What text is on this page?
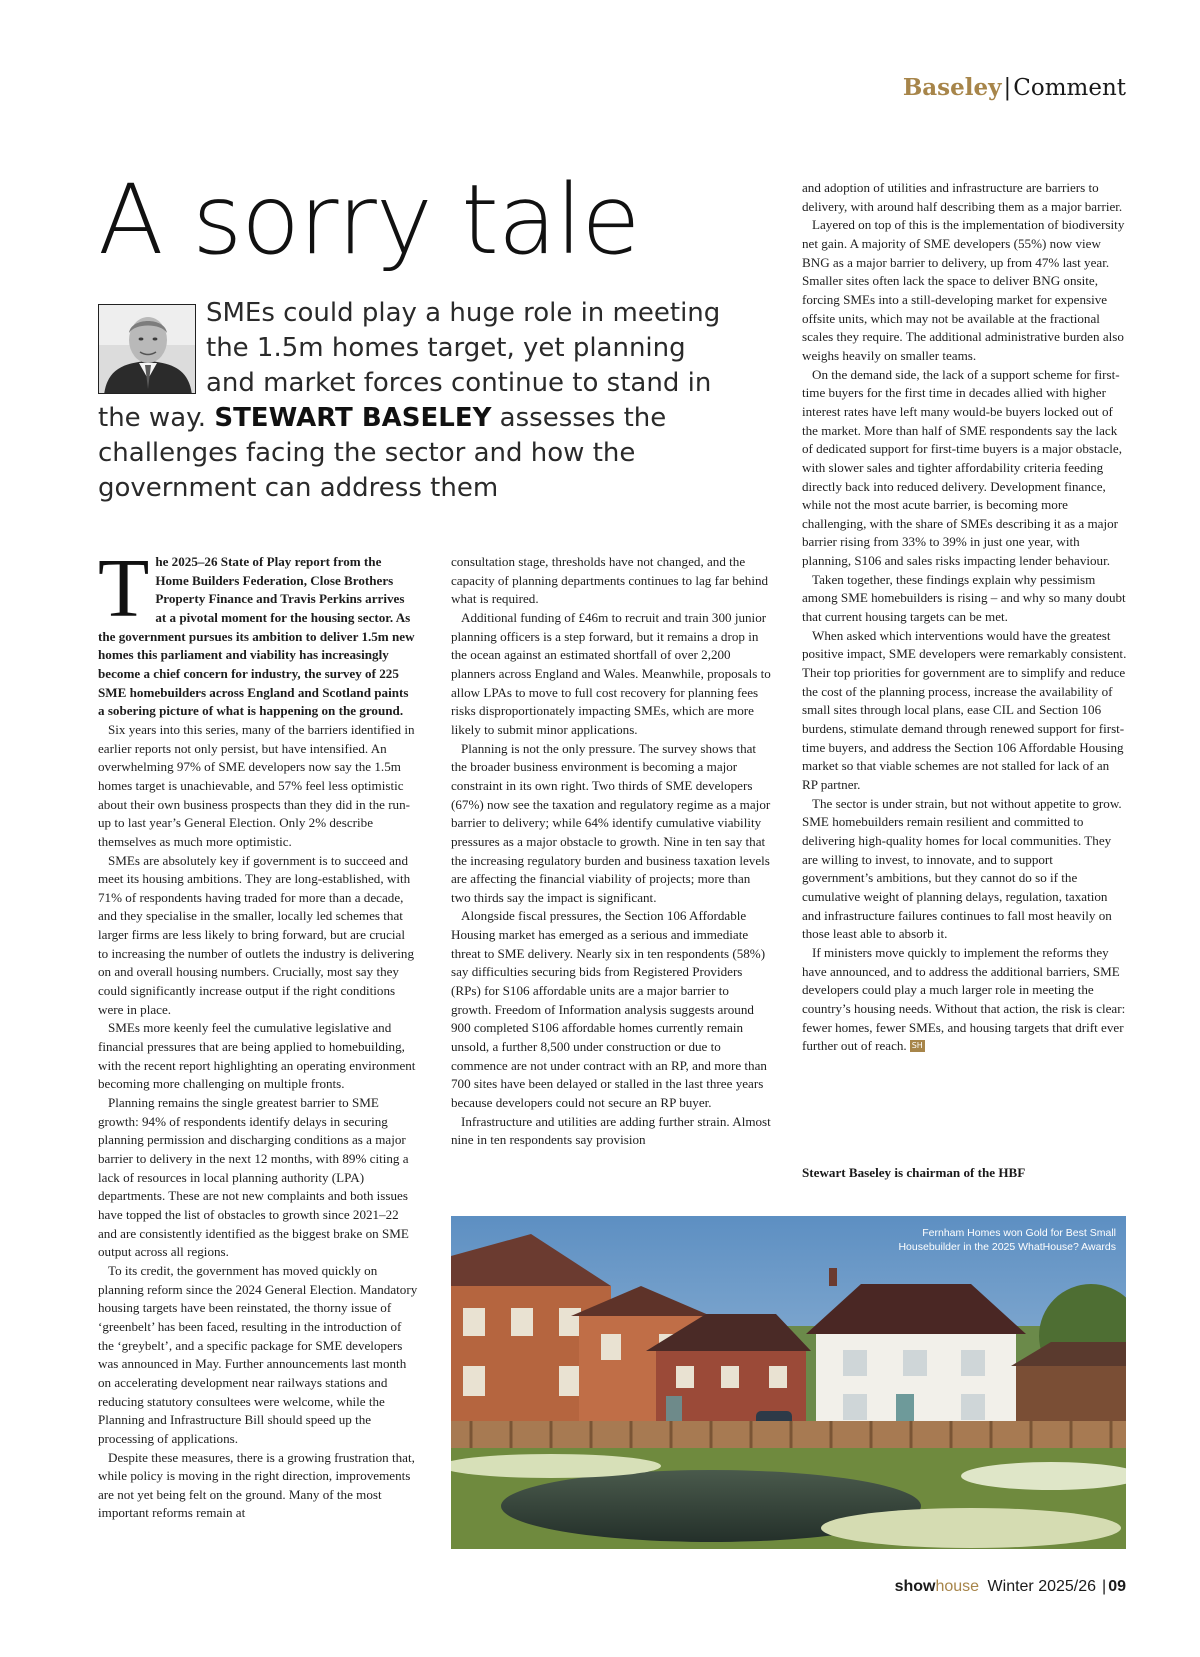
Baseley|Comment
A sorry tale
SMEs could play a huge role in meeting
the 1.5m homes target, yet planning
and market forces continue to stand in
the way. STEWART BASELEY assesses the
challenges facing the sector and how the
government can address them

The 2025–26 State of Play report from the Home Builders Federation, Close Brothers Property Finance and Travis Perkins arrives at a pivotal moment for the housing sector. As the government pursues its ambition to deliver 1.5m new homes this parliament and viability has increasingly become a chief concern for industry, the survey of 225 SME homebuilders across England and Scotland paints a sobering picture of what is happening on the ground.

Six years into this series, many of the barriers identified in earlier reports not only persist, but have intensified. An overwhelming 97% of SME developers now say the 1.5m homes target is unachievable, and 57% feel less optimistic about their own business prospects than they did in the run-up to last year’s General Election. Only 2% describe themselves as much more optimistic.

SMEs are absolutely key if government is to succeed and meet its housing ambitions. They are long-established, with 71% of respondents having traded for more than a decade, and they specialise in the smaller, locally led schemes that larger firms are less likely to bring forward, but are crucial to increasing the number of outlets the industry is delivering on and overall housing numbers. Crucially, most say they could significantly increase output if the right conditions were in place.

SMEs more keenly feel the cumulative legislative and financial pressures that are being applied to homebuilding, with the recent report highlighting an operating environment becoming more challenging on multiple fronts.

Planning remains the single greatest barrier to SME growth: 94% of respondents identify delays in securing planning permission and discharging conditions as a major barrier to delivery in the next 12 months, with 89% citing a lack of resources in local planning authority (LPA) departments. These are not new complaints and both issues have topped the list of obstacles to growth since 2021–22 and are consistently identified as the biggest brake on SME output across all regions.

To its credit, the government has moved quickly on planning reform since the 2024 General Election. Mandatory housing targets have been reinstated, the thorny issue of ‘greenbelt’ has been faced, resulting in the introduction of the ‘greybelt’, and a specific package for SME developers was announced in May. Further announcements last month on accelerating development near railways stations and reducing statutory consultees were welcome, while the Planning and Infrastructure Bill should speed up the processing of applications.

Despite these measures, there is a growing frustration that, while policy is moving in the right direction, improvements are not yet being felt on the ground. Many of the most important reforms remain at

consultation stage, thresholds have not changed, and the capacity of planning departments continues to lag far behind what is required.

Additional funding of £46m to recruit and train 300 junior planning officers is a step forward, but it remains a drop in the ocean against an estimated shortfall of over 2,200 planners across England and Wales. Meanwhile, proposals to allow LPAs to move to full cost recovery for planning fees risks disproportionately impacting SMEs, which are more likely to submit minor applications.

Planning is not the only pressure. The survey shows that the broader business environment is becoming a major constraint in its own right. Two thirds of SME developers (67%) now see the taxation and regulatory regime as a major barrier to delivery; while 64% identify cumulative viability pressures as a major obstacle to growth. Nine in ten say that the increasing regulatory burden and business taxation levels are affecting the financial viability of projects; more than two thirds say the impact is significant.

Alongside fiscal pressures, the Section 106 Affordable Housing market has emerged as a serious and immediate threat to SME delivery. Nearly six in ten respondents (58%) say difficulties securing bids from Registered Providers (RPs) for S106 affordable units are a major barrier to growth. Freedom of Information analysis suggests around 900 completed S106 affordable homes currently remain unsold, a further 8,500 under construction or due to commence are not under contract with an RP, and more than 700 sites have been delayed or stalled in the last three years because developers could not secure an RP buyer.

Infrastructure and utilities are adding further strain. Almost nine in ten respondents say provision

and adoption of utilities and infrastructure are barriers to delivery, with around half describing them as a major barrier.

Layered on top of this is the implementation of biodiversity net gain. A majority of SME developers (55%) now view BNG as a major barrier to delivery, up from 47% last year. Smaller sites often lack the space to deliver BNG onsite, forcing SMEs into a still-developing market for expensive offsite units, which may not be available at the fractional scales they require. The additional administrative burden also weighs heavily on smaller teams.

On the demand side, the lack of a support scheme for first-time buyers for the first time in decades allied with higher interest rates have left many would-be buyers locked out of the market. More than half of SME respondents say the lack of dedicated support for first-time buyers is a major obstacle, with slower sales and tighter affordability criteria feeding directly back into reduced delivery. Development finance, while not the most acute barrier, is becoming more challenging, with the share of SMEs describing it as a major barrier rising from 33% to 39% in just one year, with planning, S106 and sales risks impacting lender behaviour.

Taken together, these findings explain why pessimism among SME homebuilders is rising – and why so many doubt that current housing targets can be met.

When asked which interventions would have the greatest positive impact, SME developers were remarkably consistent. Their top priorities for government are to simplify and reduce the cost of the planning process, increase the availability of small sites through local plans, ease CIL and Section 106 burdens, stimulate demand through renewed support for first-time buyers, and address the Section 106 Affordable Housing market so that viable schemes are not stalled for lack of an RP partner.

The sector is under strain, but not without appetite to grow. SME homebuilders remain resilient and committed to delivering high-quality homes for local communities. They are willing to invest, to innovate, and to support government’s ambitions, but they cannot do so if the cumulative weight of planning delays, regulation, taxation and infrastructure failures continues to fall most heavily on those least able to absorb it.

If ministers move quickly to implement the reforms they have announced, and to address the additional barriers, SME developers could play a much larger role in meeting the country’s housing needs. Without that action, the risk is clear: fewer homes, fewer SMEs, and housing targets that drift ever further out of reach. SH

Stewart Baseley is chairman of the HBF
Fernham Homes won Gold for Best Small Housebuilder in the 2025 WhatHouse? Awards
showhouse Winter 2025/26 | 09
